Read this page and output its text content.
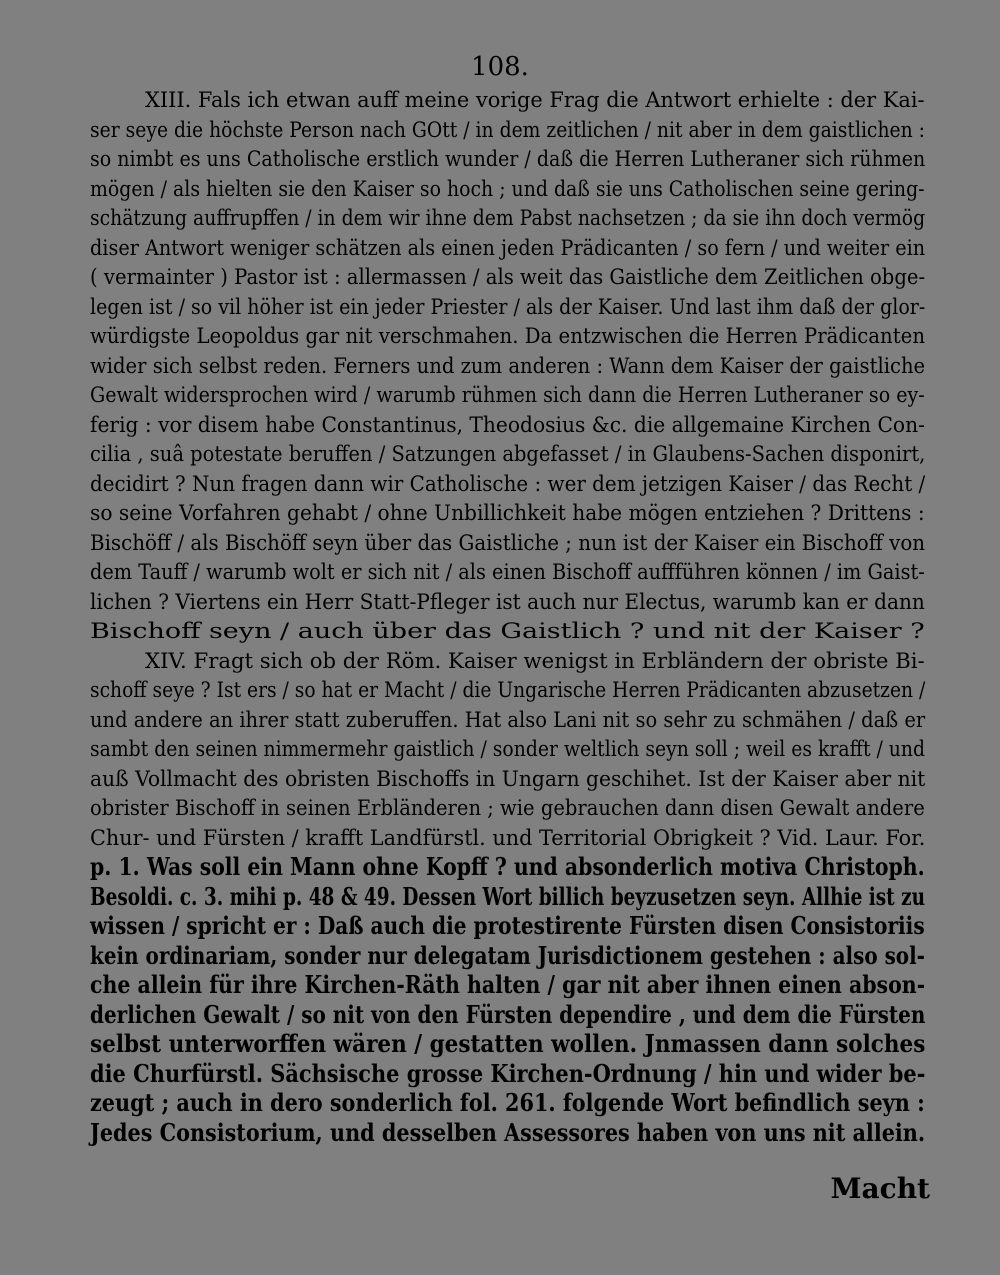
108.
XIII. Fals ich etwan auff meine vorige Frag die Antwort erhielte : der Kai-
ser seye die höchste Person nach GOtt / in dem zeitlichen / nit aber in dem gaistlichen :
so nimbt es uns Catholische erstlich wunder / daß die Herren Lutheraner sich rühmen
mögen / als hielten sie den Kaiser so hoch ; und daß sie uns Catholischen seine gering-
schätzung auffrupffen / in dem wir ihne dem Pabst nachsetzen ; da sie ihn doch vermög
diser Antwort weniger schätzen als einen jeden Prädicanten / so fern / und weiter ein
( vermainter ) Pastor ist : allermassen / als weit das Gaistliche dem Zeitlichen obge-
legen ist / so vil höher ist ein jeder Priester / als der Kaiser. Und last ihm daß der glor-
würdigste Leopoldus gar nit verschmahen. Da entzwischen die Herren Prädicanten
wider sich selbst reden. Ferners und zum anderen : Wann dem Kaiser der gaistliche
Gewalt widersprochen wird / warumb rühmen sich dann die Herren Lutheraner so ey-
ferig : vor disem habe Constantinus, Theodosius &c. die allgemaine Kirchen Con-
cilia , suâ potestate beruffen / Satzungen abgefasset / in Glaubens-Sachen disponirt,
decidirt ? Nun fragen dann wir Catholische : wer dem jetzigen Kaiser / das Recht /
so seine Vorfahren gehabt / ohne Unbillichkeit habe mögen entziehen ? Drittens :
Bischöff / als Bischöff seyn über das Gaistliche ; nun ist der Kaiser ein Bischoff von
dem Tauff / warumb wolt er sich nit / als einen Bischoff auffführen können / im Gaist-
lichen ? Viertens ein Herr Statt-Pfleger ist auch nur Electus, warumb kan er dann
Bischoff seyn / auch über das Gaistlich ? und nit der Kaiser ?
XIV. Fragt sich ob der Röm. Kaiser wenigst in Erbländern der obriste Bi-
schoff seye ? Ist ers / so hat er Macht / die Ungarische Herren Prädicanten abzusetzen /
und andere an ihrer statt zuberuffen. Hat also Lani nit so sehr zu schmähen / daß er
sambt den seinen nimmermehr gaistlich / sonder weltlich seyn soll ; weil es krafft / und
auß Vollmacht des obristen Bischoffs in Ungarn geschihet. Ist der Kaiser aber nit
obrister Bischoff in seinen Erbländeren ; wie gebrauchen dann disen Gewalt andere
Chur- und Fürsten / krafft Landfürstl. und Territorial Obrigkeit ? Vid. Laur. For.
p. 1. Was soll ein Mann ohne Kopff ? und absonderlich motiva Christoph.
Besoldi. c. 3. mihi p. 48 & 49. Dessen Wort billich beyzusetzen seyn. Allhie ist zu
wissen / spricht er : Daß auch die protestirente Fürsten disen Consistoriis
kein ordinariam, sonder nur delegatam Jurisdictionem gestehen : also sol-
che allein für ihre Kirchen-Räth halten / gar nit aber ihnen einen abson-
derlichen Gewalt / so nit von den Fürsten dependire , und dem die Fürsten
selbst unterworffen wären / gestatten wollen. Jnmassen dann solches
die Churfürstl. Sächsische grosse Kirchen-Ordnung / hin und wider be-
zeugt ; auch in dero sonderlich fol. 261. folgende Wort befindlich seyn :
Jedes Consistorium, und desselben Assessores haben von uns nit allein.
Macht
